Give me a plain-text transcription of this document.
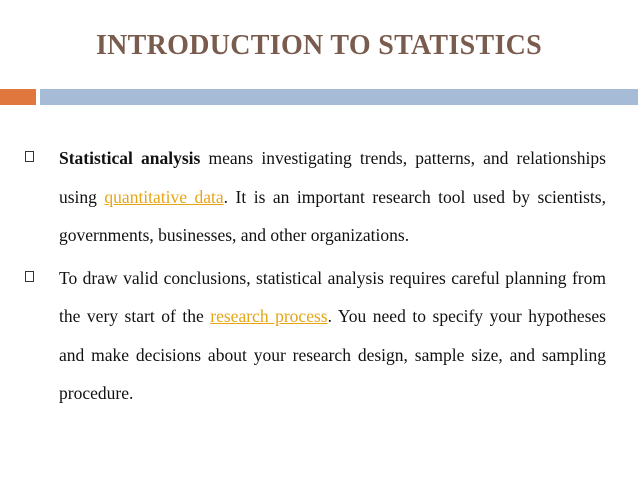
INTRODUCTION TO STATISTICS

Statistical analysis means investigating trends, patterns, and relationships using quantitative data. It is an important research tool used by scientists, governments, businesses, and other organizations.

To draw valid conclusions, statistical analysis requires careful planning from the very start of the research process. You need to specify your hypotheses and make decisions about your research design, sample size, and sampling procedure.
